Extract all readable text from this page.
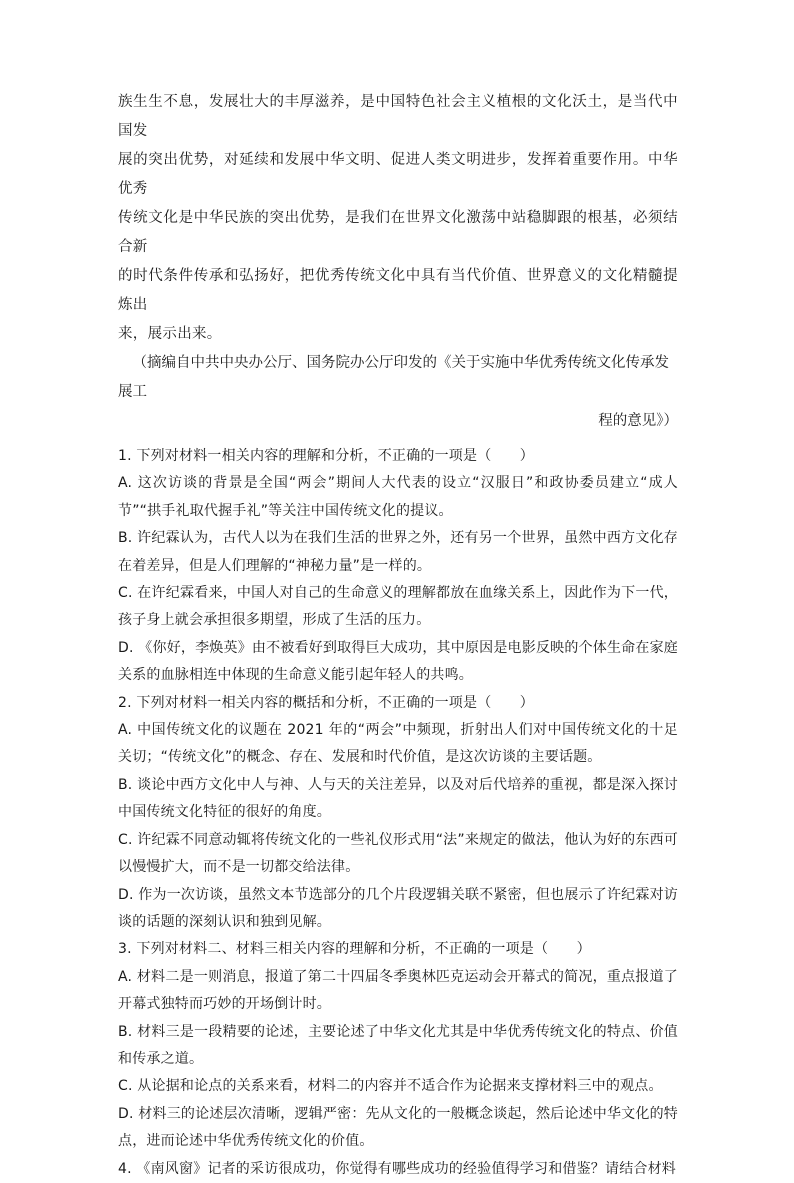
族生生不息，发展壮大的丰厚滋养，是中国特色社会主义植根的文化沃土，是当代中国发

展的突出优势，对延续和发展中华文明、促进人类文明进步，发挥着重要作用。中华优秀

传统文化是中华民族的突出优势，是我们在世界文化激荡中站稳脚跟的根基，必须结合新

的时代条件传承和弘扬好，把优秀传统文化中具有当代价值、世界意义的文化精髓提炼出

来，展示出来。

（摘编自中共中央办公厅、国务院办公厅印发的《关于实施中华优秀传统文化传承发展工

程的意见》）

1. 下列对材料一相关内容的理解和分析，不正确的一项是（　　）

A. 这次访谈的背景是全国“两会”期间人大代表的设立“汉服日”和政协委员建立“成人节”“拱手礼取代握手礼”等关注中国传统文化的提议。

B. 许纪霖认为，古代人以为在我们生活的世界之外，还有另一个世界，虽然中西方文化存在着差异，但是人们理解的“神秘力量”是一样的。

C. 在许纪霖看来，中国人对自己的生命意义的理解都放在血缘关系上，因此作为下一代，孩子身上就会承担很多期望，形成了生活的压力。

D. 《你好，李焕英》由不被看好到取得巨大成功，其中原因是电影反映的个体生命在家庭关系的血脉相连中体现的生命意义能引起年轻人的共鸣。

2. 下列对材料一相关内容的概括和分析，不正确的一项是（　　）

A. 中国传统文化的议题在 2021 年的“两会”中频现，折射出人们对中国传统文化的十足关切；“传统文化”的概念、存在、发展和时代价值，是这次访谈的主要话题。

B. 谈论中西方文化中人与神、人与天的关注差异，以及对后代培养的重视，都是深入探讨中国传统文化特征的很好的角度。

C. 许纪霖不同意动辄将传统文化的一些礼仪形式用“法”来规定的做法，他认为好的东西可以慢慢扩大，而不是一切都交给法律。

D. 作为一次访谈，虽然文本节选部分的几个片段逻辑关联不紧密，但也展示了许纪霖对访谈的话题的深刻认识和独到见解。

3. 下列对材料二、材料三相关内容的理解和分析，不正确的一项是（　　）

A. 材料二是一则消息，报道了第二十四届冬季奥林匹克运动会开幕式的简况，重点报道了开幕式独特而巧妙的开场倒计时。

B. 材料三是一段精要的论述，主要论述了中华文化尤其是中华优秀传统文化的特点、价值和传承之道。

C. 从论据和论点的关系来看，材料二的内容并不适合作为论据来支撑材料三中的观点。

D. 材料三的论述层次清晰，逻辑严密：先从文化的一般概念谈起，然后论述中华文化的特点，进而论述中华优秀传统文化的价值。

4. 《南风窗》记者的采访很成功，你觉得有哪些成功的经验值得学习和借鉴？请结合材料
